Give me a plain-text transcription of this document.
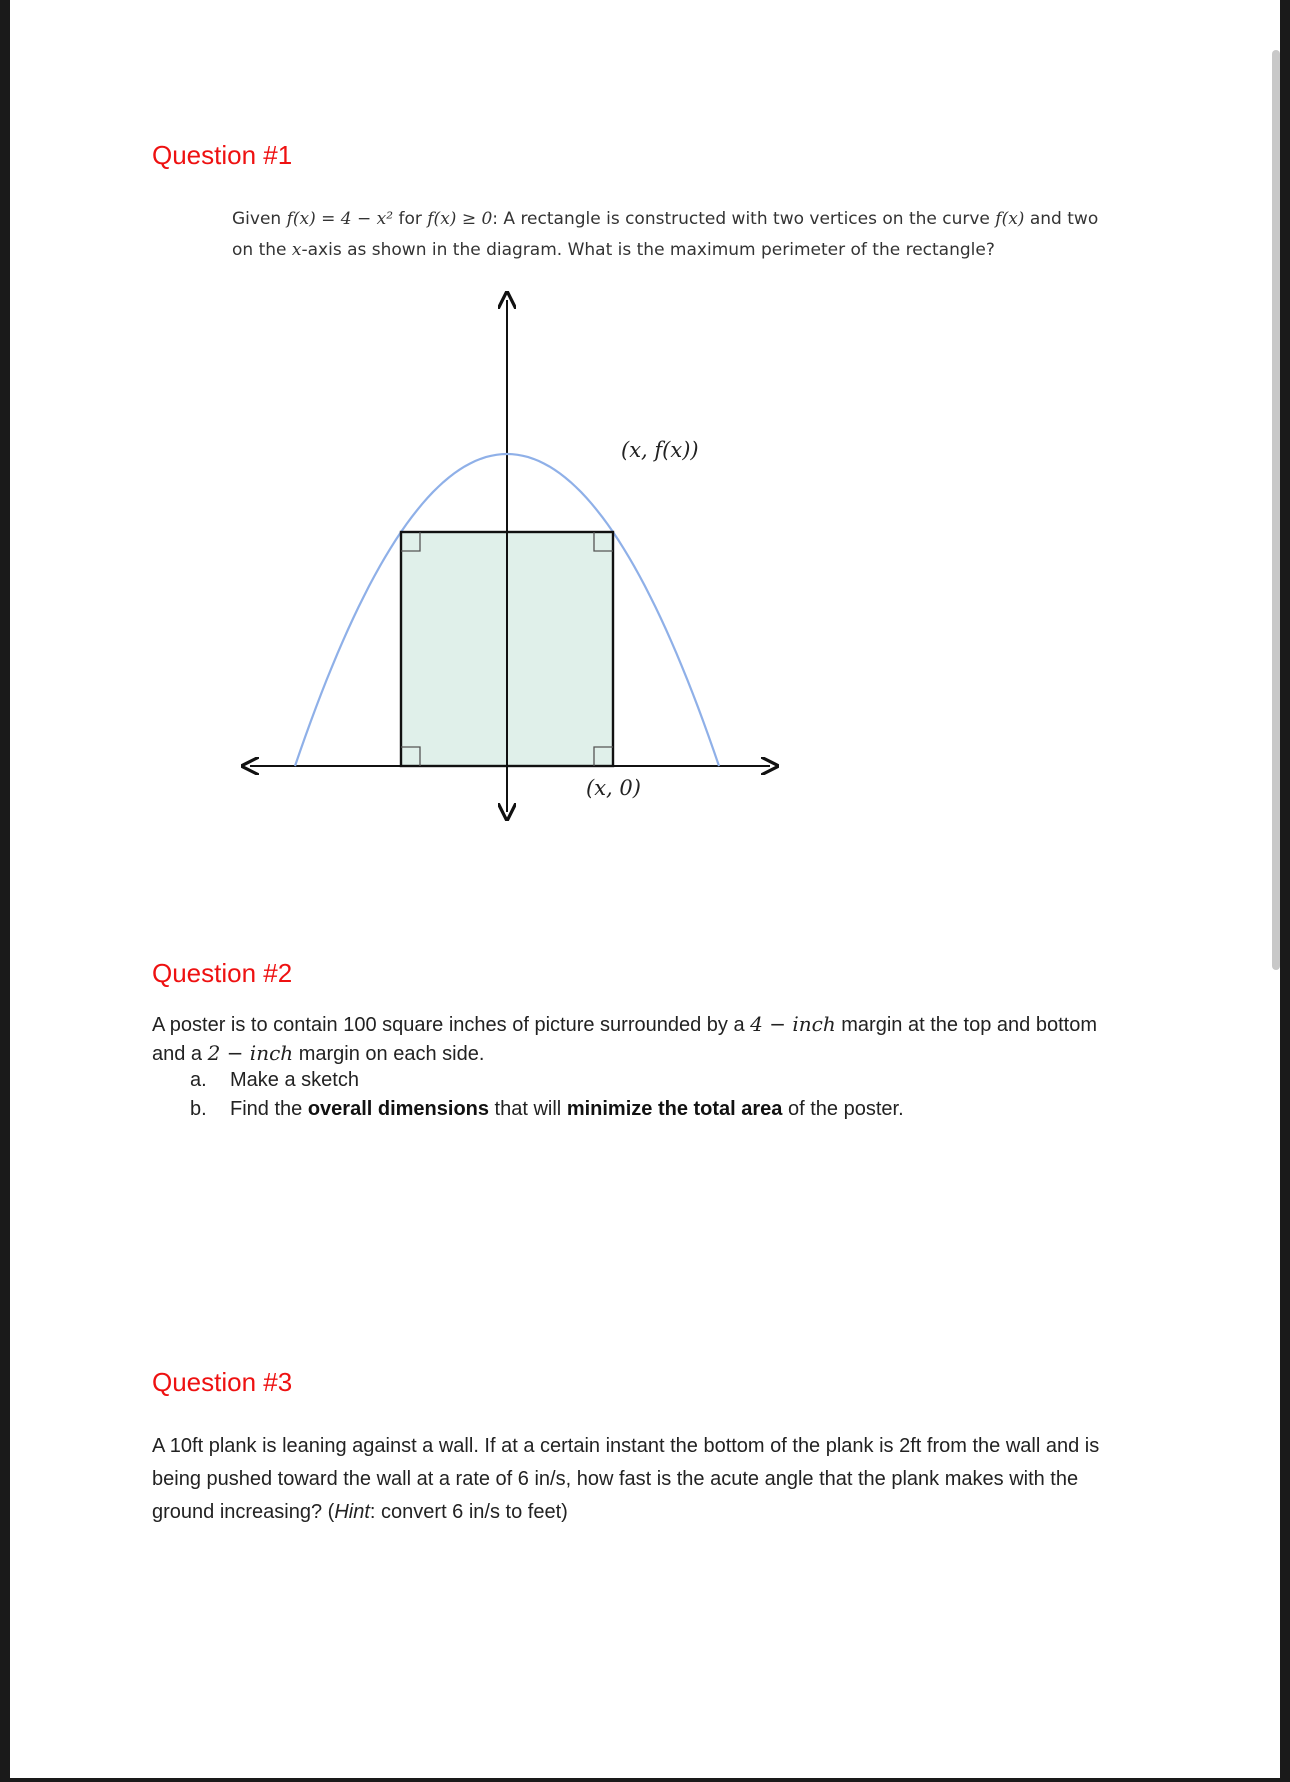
Question #1
Given f(x) = 4 − x² for f(x) ≥ 0: A rectangle is constructed with two vertices on the curve f(x) and two on the x-axis as shown in the diagram. What is the maximum perimeter of the rectangle?
(x, f(x))
(x, 0)
Question #2
A poster is to contain 100 square inches of picture surrounded by a 4 − inch margin at the top and bottom and a 2 − inch margin on each side.
a.	Make a sketch
b.	Find the overall dimensions that will minimize the total area of the poster.
Question #3
A 10ft plank is leaning against a wall. If at a certain instant the bottom of the plank is 2ft from the wall and is being pushed toward the wall at a rate of 6 in/s, how fast is the acute angle that the plank makes with the ground increasing? (Hint: convert 6 in/s to feet)
